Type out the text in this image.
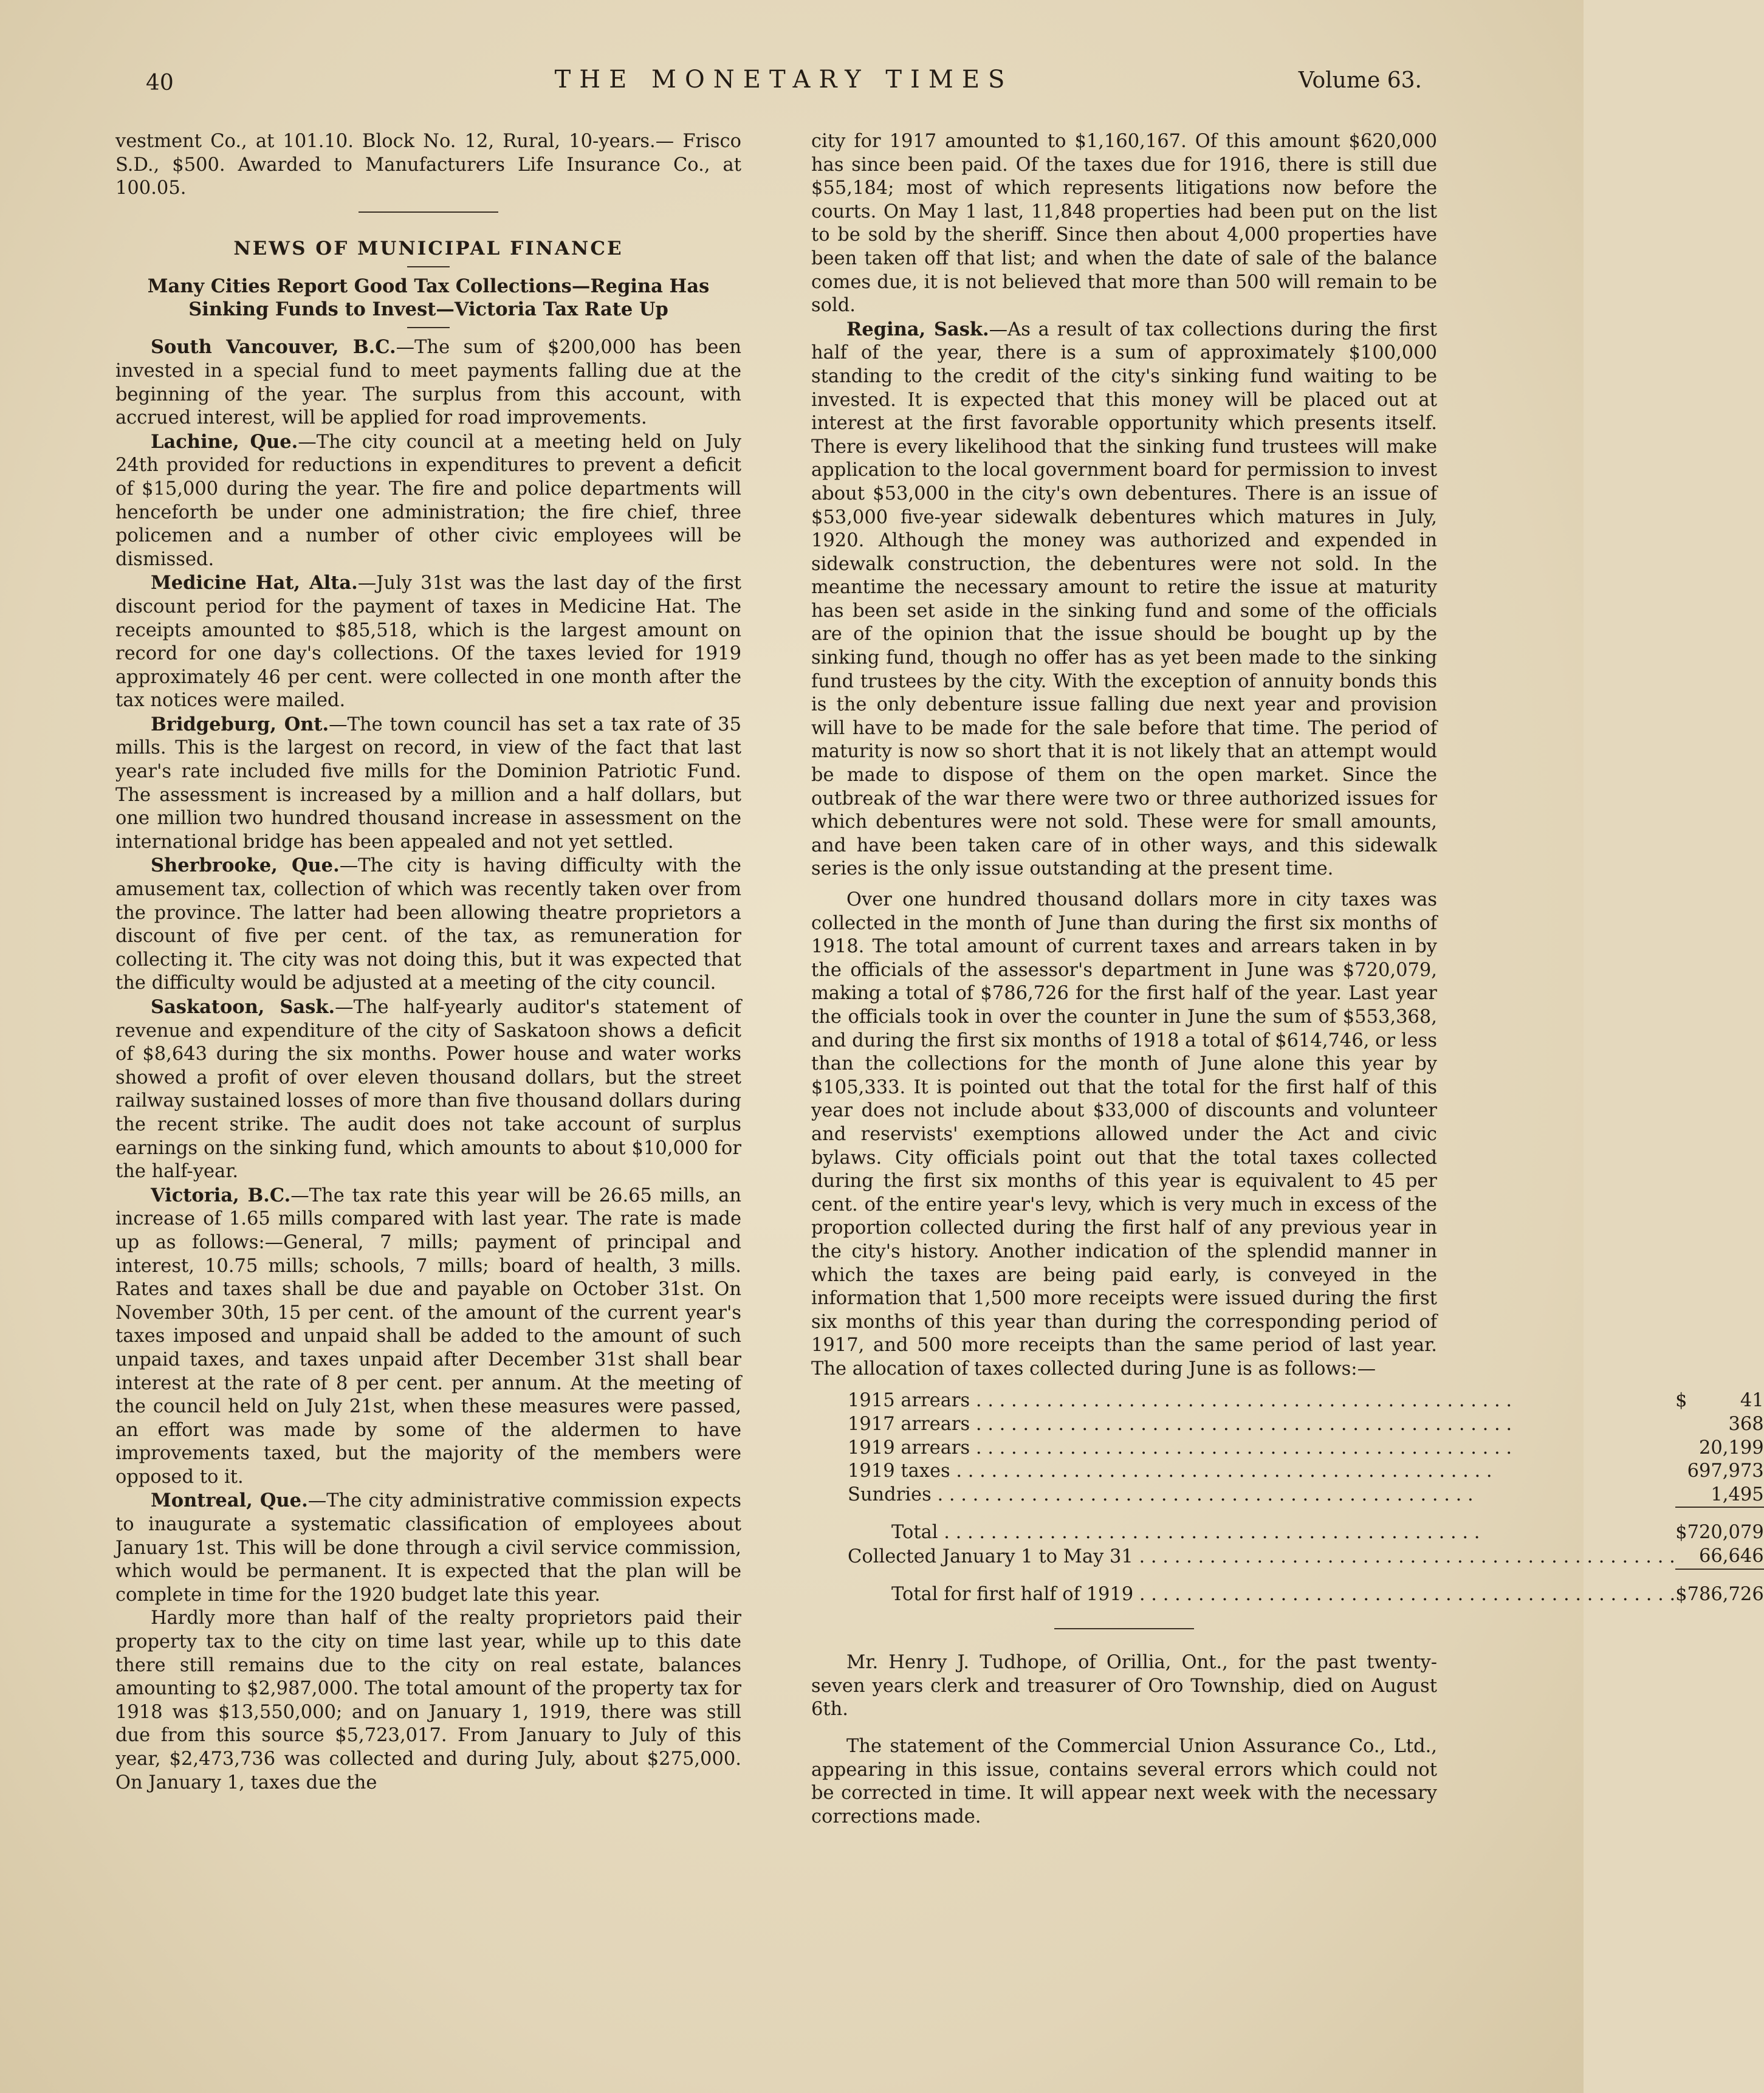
40	THE MONETARY TIMES	Volume 63.

vestment Co., at 101.10. Block No. 12, Rural, 10-years.— Frisco S.D., $500. Awarded to Manufacturers Life Insurance Co., at 100.05.

NEWS OF MUNICIPAL FINANCE
Many Cities Report Good Tax Collections—Regina Has Sinking Funds to Invest—Victoria Tax Rate Up

South Vancouver, B.C.—The sum of $200,000 has been invested in a special fund to meet payments falling due at the beginning of the year. The surplus from this account, with accrued interest, will be applied for road improvements.

Lachine, Que.—The city council at a meeting held on July 24th provided for reductions in expenditures to prevent a deficit of $15,000 during the year. The fire and police departments will henceforth be under one administration; the fire chief, three policemen and a number of other civic employees will be dismissed.

Medicine Hat, Alta.—July 31st was the last day of the first discount period for the payment of taxes in Medicine Hat. The receipts amounted to $85,518, which is the largest amount on record for one day's collections. Of the taxes levied for 1919 approximately 46 per cent. were collected in one month after the tax notices were mailed.

Bridgeburg, Ont.—The town council has set a tax rate of 35 mills. This is the largest on record, in view of the fact that last year's rate included five mills for the Dominion Patriotic Fund. The assessment is increased by a million and a half dollars, but one million two hundred thousand increase in assessment on the international bridge has been appealed and not yet settled.

Sherbrooke, Que.—The city is having difficulty with the amusement tax, collection of which was recently taken over from the province. The latter had been allowing theatre proprietors a discount of five per cent. of the tax, as remuneration for collecting it. The city was not doing this, but it was expected that the difficulty would be adjusted at a meeting of the city council.

Saskatoon, Sask.—The half-yearly auditor's statement of revenue and expenditure of the city of Saskatoon shows a deficit of $8,643 during the six months. Power house and water works showed a profit of over eleven thousand dollars, but the street railway sustained losses of more than five thousand dollars during the recent strike. The audit does not take account of surplus earnings on the sinking fund, which amounts to about $10,000 for the half-year.

Victoria, B.C.—The tax rate this year will be 26.65 mills, an increase of 1.65 mills compared with last year. The rate is made up as follows:—General, 7 mills; payment of principal and interest, 10.75 mills; schools, 7 mills; board of health, 3 mills. Rates and taxes shall be due and payable on October 31st. On November 30th, 15 per cent. of the amount of the current year's taxes imposed and unpaid shall be added to the amount of such unpaid taxes, and taxes unpaid after December 31st shall bear interest at the rate of 8 per cent. per annum. At the meeting of the council held on July 21st, when these measures were passed, an effort was made by some of the aldermen to have improvements taxed, but the majority of the members were opposed to it.

Montreal, Que.—The city administrative commission expects to inaugurate a systematic classification of employees about January 1st. This will be done through a civil service commission, which would be permanent. It is expected that the plan will be complete in time for the 1920 budget late this year.

Hardly more than half of the realty proprietors paid their property tax to the city on time last year, while up to this date there still remains due to the city on real estate, balances amounting to $2,987,000. The total amount of the property tax for 1918 was $13,550,000; and on January 1, 1919, there was still due from this source $5,723,017. From January to July of this year, $2,473,736 was collected and during July, about $275,000. On January 1, taxes due the

city for 1917 amounted to $1,160,167. Of this amount $620,000 has since been paid. Of the taxes due for 1916, there is still due $55,184; most of which represents litigations now before the courts. On May 1 last, 11,848 properties had been put on the list to be sold by the sheriff. Since then about 4,000 properties have been taken off that list; and when the date of sale of the balance comes due, it is not believed that more than 500 will remain to be sold.

Regina, Sask.—As a result of tax collections during the first half of the year, there is a sum of approximately $100,000 standing to the credit of the city's sinking fund waiting to be invested. It is expected that this money will be placed out at interest at the first favorable opportunity which presents itself. There is every likelihood that the sinking fund trustees will make application to the local government board for permission to invest about $53,000 in the city's own debentures. There is an issue of $53,000 five-year sidewalk debentures which matures in July, 1920. Although the money was authorized and expended in sidewalk construction, the debentures were not sold. In the meantime the necessary amount to retire the issue at maturity has been set aside in the sinking fund and some of the officials are of the opinion that the issue should be bought up by the sinking fund, though no offer has as yet been made to the sinking fund trustees by the city. With the exception of annuity bonds this is the only debenture issue falling due next year and provision will have to be made for the sale before that time. The period of maturity is now so short that it is not likely that an attempt would be made to dispose of them on the open market. Since the outbreak of the war there were two or three authorized issues for which debentures were not sold. These were for small amounts, and have been taken care of in other ways, and this sidewalk series is the only issue outstanding at the present time.

Over one hundred thousand dollars more in city taxes was collected in the month of June than during the first six months of 1918. The total amount of current taxes and arrears taken in by the officials of the assessor's department in June was $720,079, making a total of $786,726 for the first half of the year. Last year the officials took in over the counter in June the sum of $553,368, and during the first six months of 1918 a total of $614,746, or less than the collections for the month of June alone this year by $105,333. It is pointed out that the total for the first half of this year does not include about $33,000 of discounts and volunteer and reservists' exemptions allowed under the Act and civic bylaws. City officials point out that the total taxes collected during the first six months of this year is equivalent to 45 per cent. of the entire year's levy, which is very much in excess of the proportion collected during the first half of any previous year in the city's history. Another indication of the splendid manner in which the taxes are being paid early, is conveyed in the information that 1,500 more receipts were issued during the first six months of this year than during the corresponding period of 1917, and 500 more receipts than the same period of last year. The allocation of taxes collected during June is as follows:—

1915 arrears . . .	$	41
1917 arrears . . .		368
1919 arrears . . .		20,199
1919 taxes . . .		697,973
Sundries . . .		1,495

Total . . .	$720,079	
Collected January 1 to May 31 . . .	66,646	

Total for first half of 1919 . . .	$786,726	

Mr. Henry J. Tudhope, of Orillia, Ont., for the past twenty-seven years clerk and treasurer of Oro Township, died on August 6th.

The statement of the Commercial Union Assurance Co., Ltd., appearing in this issue, contains several errors which could not be corrected in time. It will appear next week with the necessary corrections made.
